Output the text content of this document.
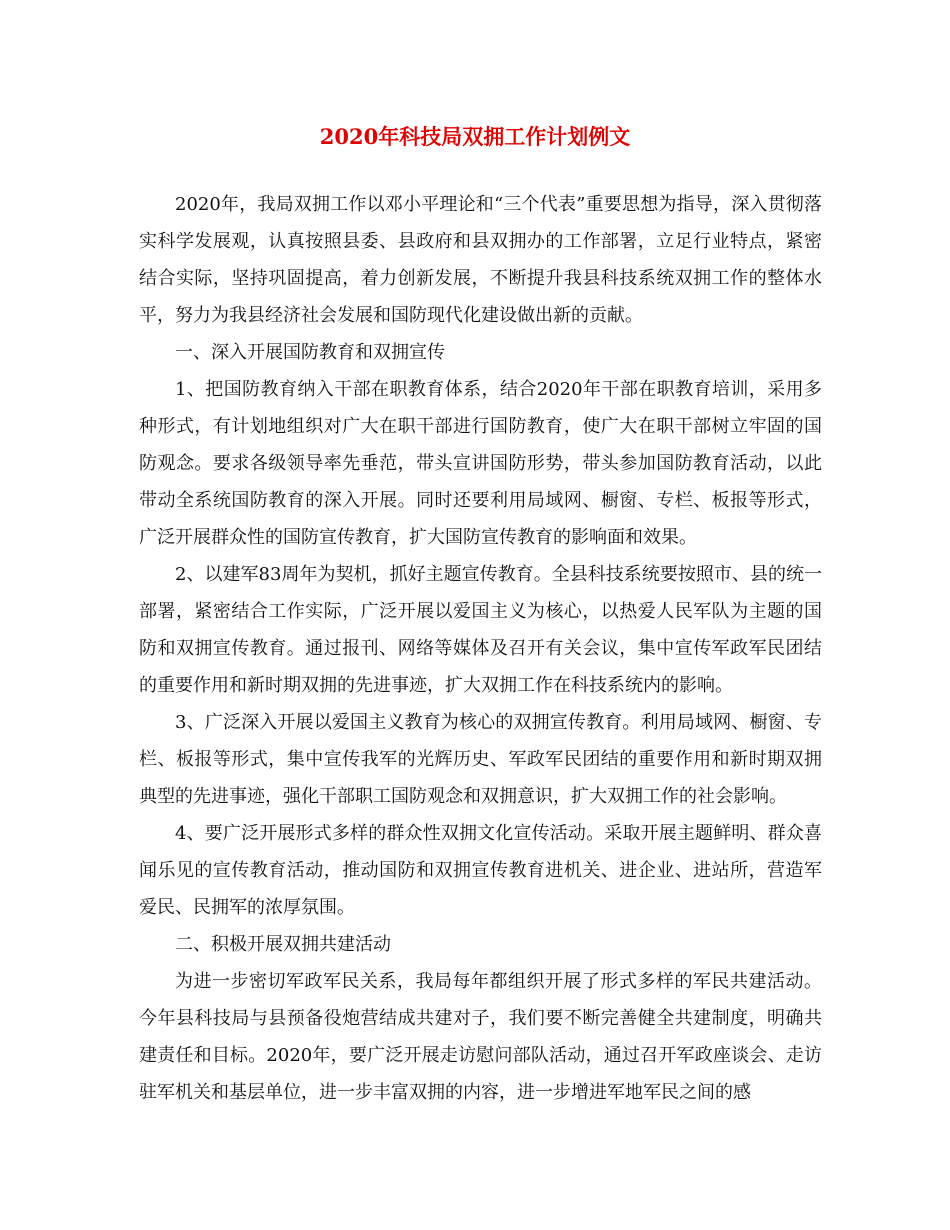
2020年科技局双拥工作计划例文

2020年，我局双拥工作以邓小平理论和“三个代表”重要思想为指导，深入贯彻落实科学发展观，认真按照县委、县政府和县双拥办的工作部署，立足行业特点，紧密结合实际，坚持巩固提高，着力创新发展，不断提升我县科技系统双拥工作的整体水平，努力为我县经济社会发展和国防现代化建设做出新的贡献。

一、深入开展国防教育和双拥宣传

1、把国防教育纳入干部在职教育体系，结合2020年干部在职教育培训，采用多种形式，有计划地组织对广大在职干部进行国防教育，使广大在职干部树立牢固的国防观念。要求各级领导率先垂范，带头宣讲国防形势，带头参加国防教育活动，以此带动全系统国防教育的深入开展。同时还要利用局域网、橱窗、专栏、板报等形式，广泛开展群众性的国防宣传教育，扩大国防宣传教育的影响面和效果。

2、以建军83周年为契机，抓好主题宣传教育。全县科技系统要按照市、县的统一部署，紧密结合工作实际，广泛开展以爱国主义为核心，以热爱人民军队为主题的国防和双拥宣传教育。通过报刊、网络等媒体及召开有关会议，集中宣传军政军民团结的重要作用和新时期双拥的先进事迹，扩大双拥工作在科技系统内的影响。

3、广泛深入开展以爱国主义教育为核心的双拥宣传教育。利用局域网、橱窗、专栏、板报等形式，集中宣传我军的光辉历史、军政军民团结的重要作用和新时期双拥典型的先进事迹，强化干部职工国防观念和双拥意识，扩大双拥工作的社会影响。

4、要广泛开展形式多样的群众性双拥文化宣传活动。采取开展主题鲜明、群众喜闻乐见的宣传教育活动，推动国防和双拥宣传教育进机关、进企业、进站所，营造军爱民、民拥军的浓厚氛围。

二、积极开展双拥共建活动

为进一步密切军政军民关系，我局每年都组织开展了形式多样的军民共建活动。今年县科技局与县预备役炮营结成共建对子，我们要不断完善健全共建制度，明确共建责任和目标。2020年，要广泛开展走访慰问部队活动，通过召开军政座谈会、走访驻军机关和基层单位，进一步丰富双拥的内容，进一步增进军地军民之间的感
